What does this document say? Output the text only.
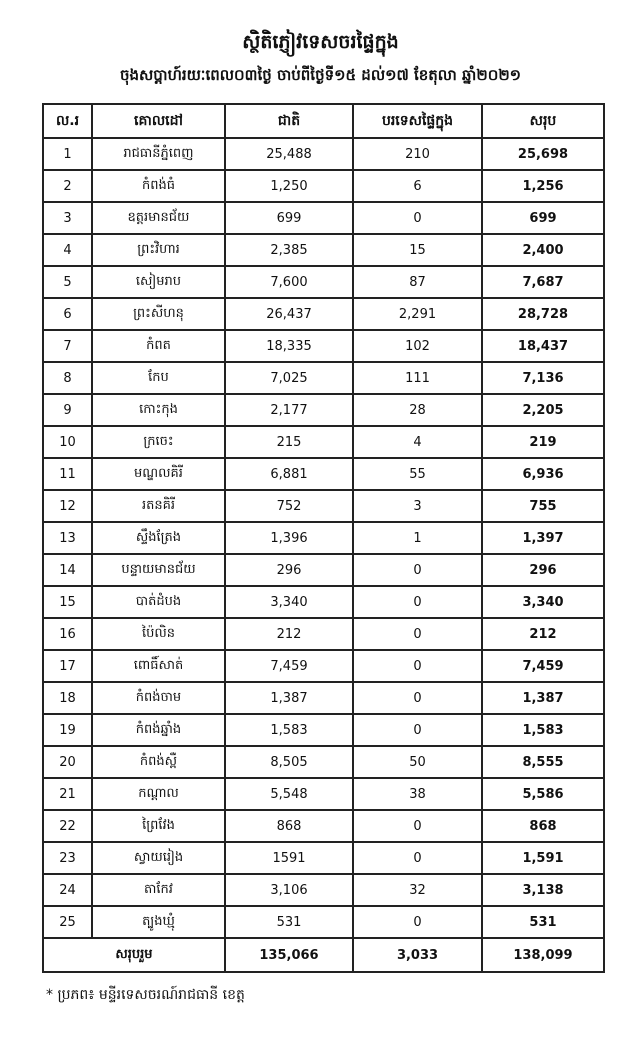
ស្ថិតិភ្ញៀវទេសចរផ្ទៃក្នុង
ចុងសប្តាហ៍រយៈពេល០៣ថ្ងៃ ចាប់ពីថ្ងៃទី១៥ ដល់១៧ ខែតុលា ឆ្នាំ២០២១
ល.រ	គោលដៅ	ជាតិ	បរទេសផ្ទៃក្នុង	សរុប
1	រាជធានីភ្នំពេញ	25,488	210	25,698
2	កំពង់ធំ	1,250	6	1,256
3	ឧត្តរមានជ័យ	699	0	699
4	ព្រះវិហារ	2,385	15	2,400
5	សៀមរាប	7,600	87	7,687
6	ព្រះសីហនុ	26,437	2,291	28,728
7	កំពត	18,335	102	18,437
8	កែប	7,025	111	7,136
9	កោះកុង	2,177	28	2,205
10	ក្រចេះ	215	4	219
11	មណ្ឌលគិរី	6,881	55	6,936
12	រតនគិរី	752	3	755
13	ស្ទឹងត្រែង	1,396	1	1,397
14	បន្ទាយមានជ័យ	296	0	296
15	បាត់ដំបង	3,340	0	3,340
16	ប៉ៃលិន	212	0	212
17	ពោធិ៍សាត់	7,459	0	7,459
18	កំពង់ចាម	1,387	0	1,387
19	កំពង់ឆ្នាំង	1,583	0	1,583
20	កំពង់ស្ពឺ	8,505	50	8,555
21	កណ្តាល	5,548	38	5,586
22	ព្រៃវែង	868	0	868
23	ស្វាយរៀង	1591	0	1,591
24	តាកែវ	3,106	32	3,138
25	ត្បូងឃ្មុំ	531	0	531
សរុបរួម		135,066	3,033	138,099
* ប្រភព៖ មន្ទីរទេសចរណ៍រាជធានី ខេត្ត
